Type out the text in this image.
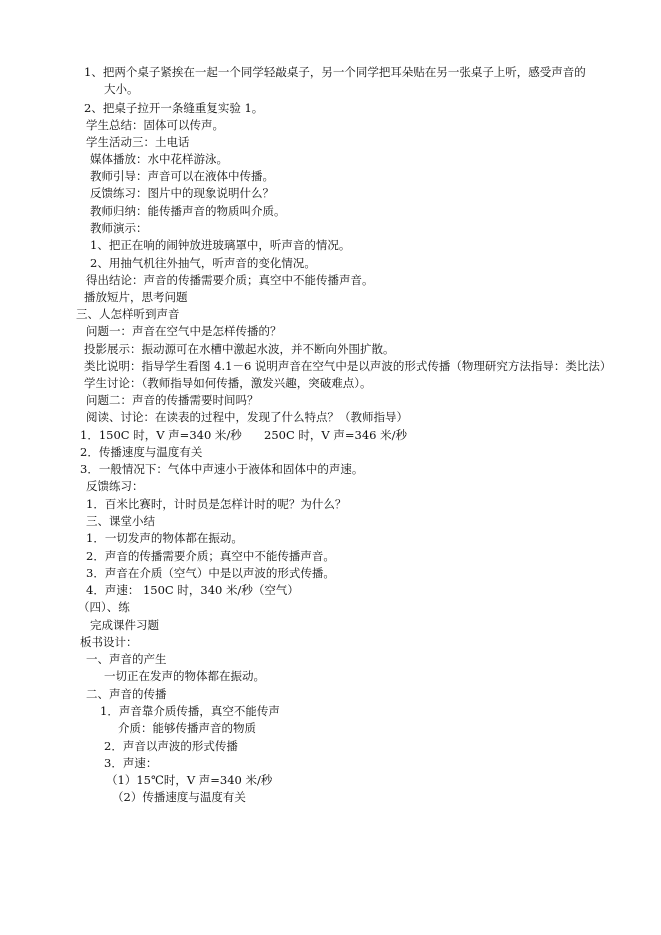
1、把两个桌子紧挨在一起一个同学轻敲桌子，另一个同学把耳朵贴在另一张桌子上听，感受声音的
大小。
2、把桌子拉开一条缝重复实验 1。
学生总结：固体可以传声。
学生活动三：土电话
媒体播放：水中花样游泳。
教师引导：声音可以在液体中传播。
反馈练习：图片中的现象说明什么？
教师归纳：能传播声音的物质叫介质。
教师演示：
1、把正在响的闹钟放进玻璃罩中，听声音的情况。
2、用抽气机往外抽气，听声音的变化情况。
得出结论：声音的传播需要介质；真空中不能传播声音。
播放短片，思考问题
三、人怎样听到声音
问题一：声音在空气中是怎样传播的？
投影展示：振动源可在水槽中激起水波，并不断向外围扩散。
类比说明：指导学生看图 4.1－6 说明声音在空气中是以声波的形式传播（物理研究方法指导：类比法）
学生讨论：（教师指导如何传播，激发兴趣，突破难点）。
问题二：声音的传播需要时间吗？
阅读、讨论：在读表的过程中，发现了什么特点？（教师指导）
1．150C 时，V 声=340 米/秒 250C 时，V 声=346 米/秒
2．传播速度与温度有关
3．一般情况下：气体中声速小于液体和固体中的声速。
反馈练习：
1．百米比赛时，计时员是怎样计时的呢？为什么？
三、课堂小结
1．一切发声的物体都在振动。
2．声音的传播需要介质；真空中不能传播声音。
3．声音在介质（空气）中是以声波的形式传播。
4．声速： 150C 时，340 米/秒（空气）
（四）、练
完成课件习题
板书设计：
一、声音的产生
一切正在发声的物体都在振动。
二、声音的传播
1．声音靠介质传播，真空不能传声
介质：能够传播声音的物质
2．声音以声波的形式传播
3．声速：
（1）15℃时，V 声=340 米/秒
（2）传播速度与温度有关
